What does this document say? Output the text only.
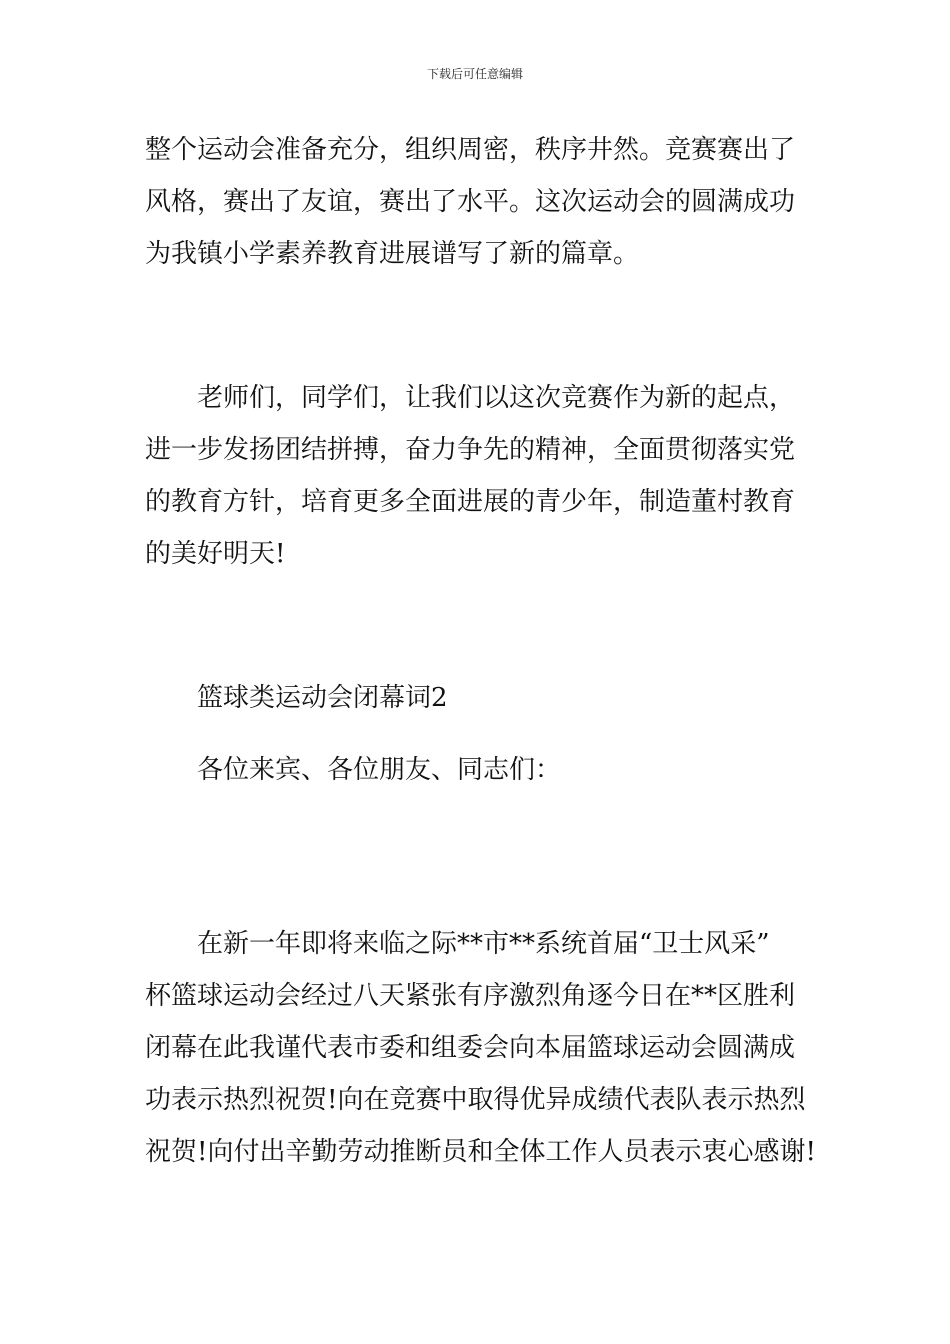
下载后可任意编辑
整个运动会准备充分，组织周密，秩序井然。竞赛赛出了
风格，赛出了友谊，赛出了水平。这次运动会的圆满成功
为我镇小学素养教育进展谱写了新的篇章。
老师们，同学们，让我们以这次竞赛作为新的起点，
进一步发扬团结拼搏，奋力争先的精神，全面贯彻落实党
的教育方针，培育更多全面进展的青少年，制造董村教育
的美好明天!
篮球类运动会闭幕词2
各位来宾、各位朋友、同志们：
在新一年即将来临之际**市**系统首届“卫士风采”
杯篮球运动会经过八天紧张有序激烈角逐今日在**区胜利
闭幕在此我谨代表市委和组委会向本届篮球运动会圆满成
功表示热烈祝贺!向在竞赛中取得优异成绩代表队表示热烈
祝贺!向付出辛勤劳动推断员和全体工作人员表示衷心感谢!
